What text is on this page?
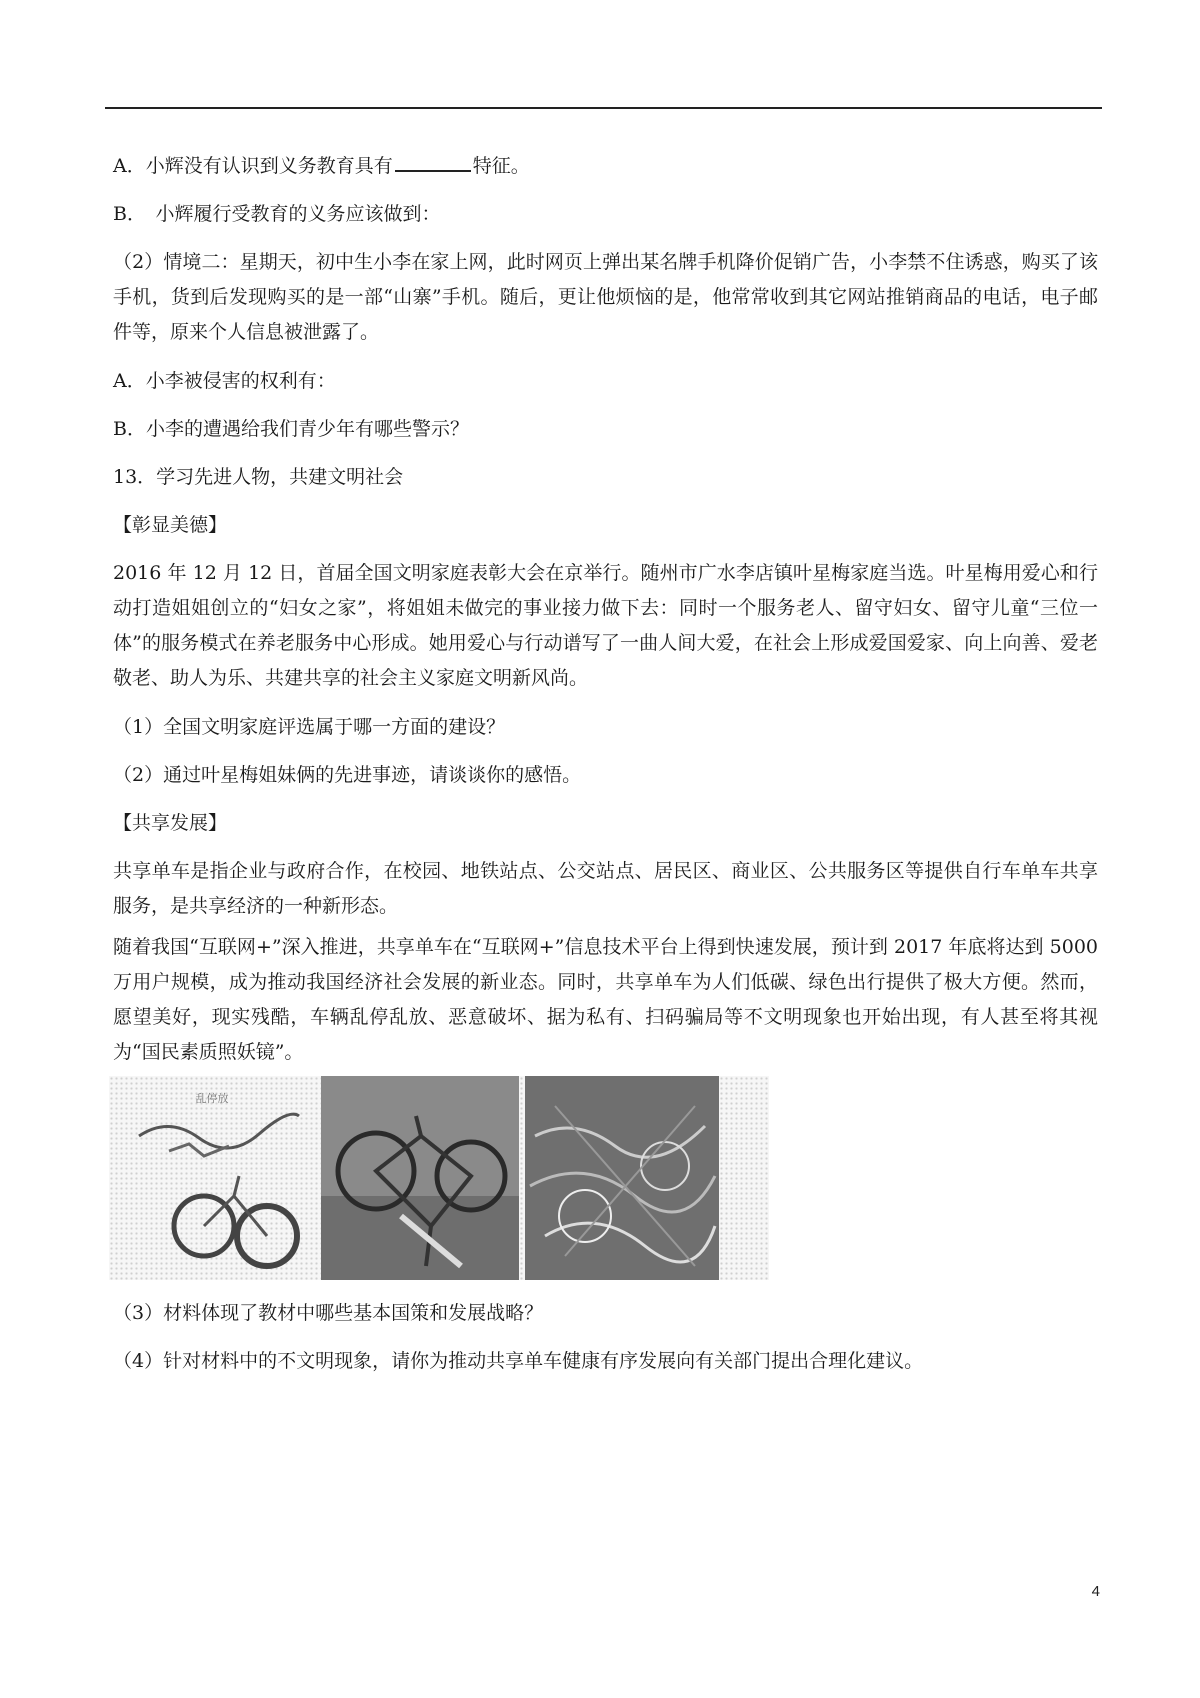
A．小辉没有认识到义务教育具有	特征。

B．　小辉履行受教育的义务应该做到：

（2）情境二：星期天，初中生小李在家上网，此时网页上弹出某名牌手机降价促销广告，小李禁不住诱惑，购买了该手机，货到后发现购买的是一部“山寨”手机。随后，更让他烦恼的是，他常常收到其它网站推销商品的电话，电子邮件等，原来个人信息被泄露了。

A．小李被侵害的权利有：

B．小李的遭遇给我们青少年有哪些警示？

13．学习先进人物，共建文明社会

【彰显美德】

2016 年 12 月 12 日，首届全国文明家庭表彰大会在京举行。随州市广水李店镇叶星梅家庭当选。叶星梅用爱心和行动打造姐姐创立的“妇女之家”，将姐姐未做完的事业接力做下去：同时一个服务老人、留守妇女、留守儿童“三位一体”的服务模式在养老服务中心形成。她用爱心与行动谱写了一曲人间大爱，在社会上形成爱国爱家、向上向善、爱老敬老、助人为乐、共建共享的社会主义家庭文明新风尚。

（1）全国文明家庭评选属于哪一方面的建设？

（2）通过叶星梅姐妹俩的先进事迹，请谈谈你的感悟。

【共享发展】

共享单车是指企业与政府合作，在校园、地铁站点、公交站点、居民区、商业区、公共服务区等提供自行车单车共享服务，是共享经济的一种新形态。

随着我国“互联网+”深入推进，共享单车在“互联网+”信息技术平台上得到快速发展，预计到 2017 年底将达到 5000 万用户规模，成为推动我国经济社会发展的新业态。同时，共享单车为人们低碳、绿色出行提供了极大方便。然而，愿望美好，现实残酷，车辆乱停乱放、恶意破坏、据为私有、扫码骗局等不文明现象也开始出现，有人甚至将其视为“国民素质照妖镜”。

乱停放

（3）材料体现了教材中哪些基本国策和发展战略？

（4）针对材料中的不文明现象，请你为推动共享单车健康有序发展向有关部门提出合理化建议。

4
